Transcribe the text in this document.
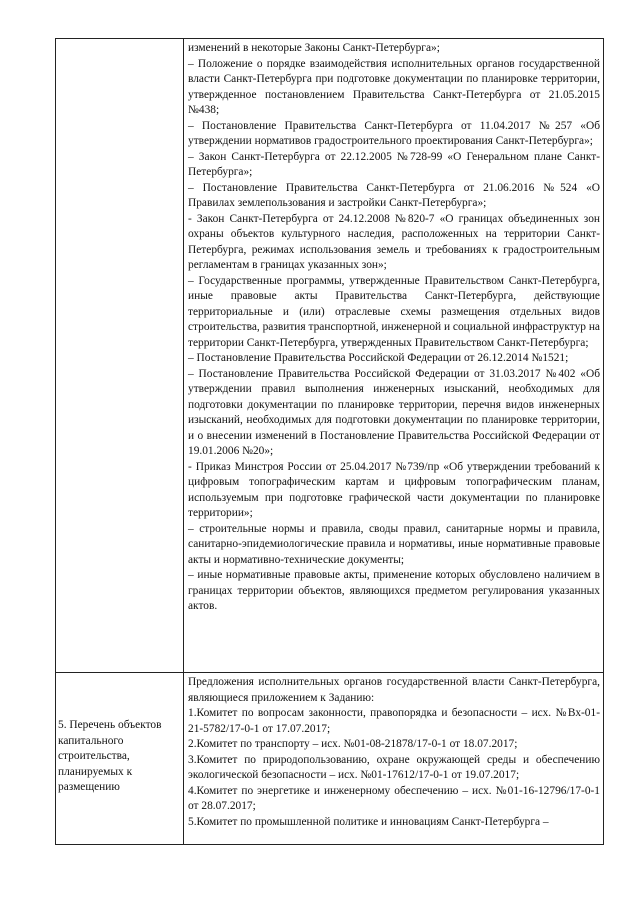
изменений в некоторые Законы Санкт-Петербурга»;

– Положение о порядке взаимодействия исполнительных органов государственной власти Санкт-Петербурга при подготовке документации по планировке территории, утвержденное постановлением Правительства Санкт-Петербурга от 21.05.2015 №438;

– Постановление Правительства Санкт-Петербурга от 11.04.2017 №257 «Об утверждении нормативов градостроительного проектирования Санкт-Петербурга»;

– Закон Санкт-Петербурга от 22.12.2005 №728-99 «О Генеральном плане Санкт-Петербурга»;

– Постановление Правительства Санкт-Петербурга от 21.06.2016 №524 «О Правилах землепользования и застройки Санкт-Петербурга»;

- Закон Санкт-Петербурга от 24.12.2008 №820-7 «О границах объединенных зон охраны объектов культурного наследия, расположенных на территории Санкт-Петербурга, режимах использования земель и требованиях к градостроительным регламентам в границах указанных зон»;

– Государственные программы, утвержденные Правительством Санкт-Петербурга, иные правовые акты Правительства Санкт-Петербурга, действующие территориальные и (или) отраслевые схемы размещения отдельных видов строительства, развития транспортной, инженерной и социальной инфраструктур на территории Санкт-Петербурга, утвержденных Правительством Санкт-Петербурга;

– Постановление Правительства Российской Федерации от 26.12.2014 №1521;

– Постановление Правительства Российской Федерации от 31.03.2017 №402 «Об утверждении правил выполнения инженерных изысканий, необходимых для подготовки документации по планировке территории, перечня видов инженерных изысканий, необходимых для подготовки документации по планировке территории, и о внесении изменений в Постановление Правительства Российской Федерации от 19.01.2006 №20»;

- Приказ Минстроя России от 25.04.2017 №739/пр «Об утверждении требований к цифровым топографическим картам и цифровым топографическим планам, используемым при подготовке графической части документации по планировке территории»;

– строительные нормы и правила, своды правил, санитарные нормы и правила, санитарно-эпидемиологические правила и нормативы, иные нормативные правовые акты и нормативно-технические документы;

– иные нормативные правовые акты, применение которых обусловлено наличием в границах территории объектов, являющихся предметом регулирования указанных актов.

5. Перечень объектов капитального строительства, планируемых к размещению

Предложения исполнительных органов государственной власти Санкт-Петербурга, являющиеся приложением к Заданию:

1.Комитет по вопросам законности, правопорядка и безопасности – исх. №Вх-01-21-5782/17-0-1 от 17.07.2017;

2.Комитет по транспорту – исх. №01-08-21878/17-0-1 от 18.07.2017;

3.Комитет по природопользованию, охране окружающей среды и обеспечению экологической безопасности – исх. №01-17612/17-0-1 от 19.07.2017;

4.Комитет по энергетике и инженерному обеспечению – исх. №01-16-12796/17-0-1 от 28.07.2017;

5.Комитет по промышленной политике и инновациям Санкт-Петербурга –
